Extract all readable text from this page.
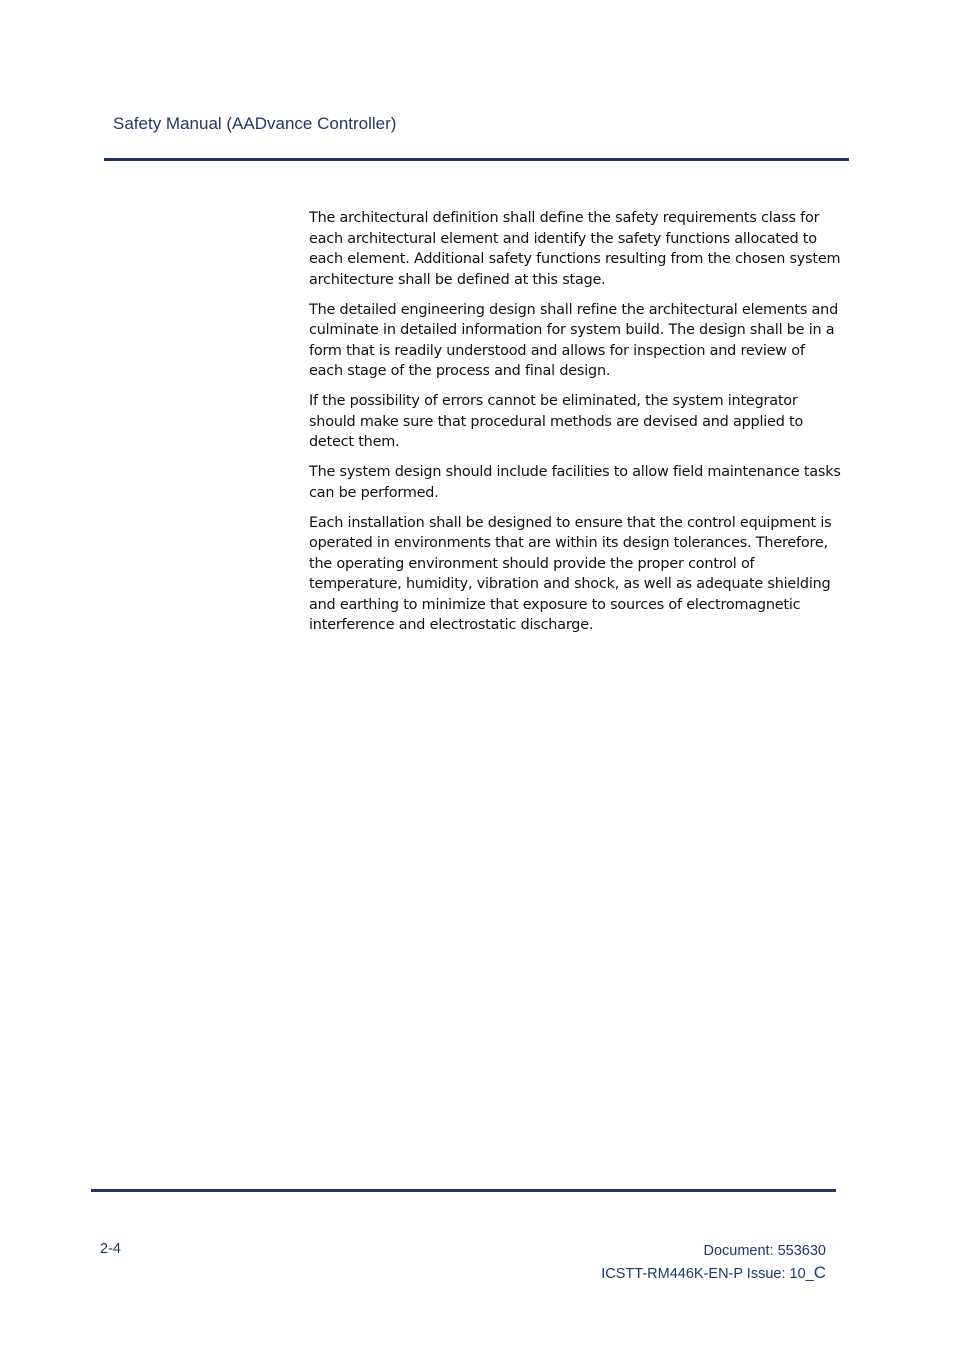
Safety Manual (AADvance Controller)

The architectural definition shall define the safety requirements class for each architectural element and identify the safety functions allocated to each element. Additional safety functions resulting from the chosen system architecture shall be defined at this stage.

The detailed engineering design shall refine the architectural elements and culminate in detailed information for system build. The design shall be in a form that is readily understood and allows for inspection and review of each stage of the process and final design.

If the possibility of errors cannot be eliminated, the system integrator should make sure that procedural methods are devised and applied to detect them.

The system design should include facilities to allow field maintenance tasks can be performed.

Each installation shall be designed to ensure that the control equipment is operated in environments that are within its design tolerances. Therefore, the operating environment should provide the proper control of temperature, humidity, vibration and shock, as well as adequate shielding and earthing to minimize that exposure to sources of electromagnetic interference and electrostatic discharge.

2-4	Document: 553630
ICSTT-RM446K-EN-P Issue: 10_C
